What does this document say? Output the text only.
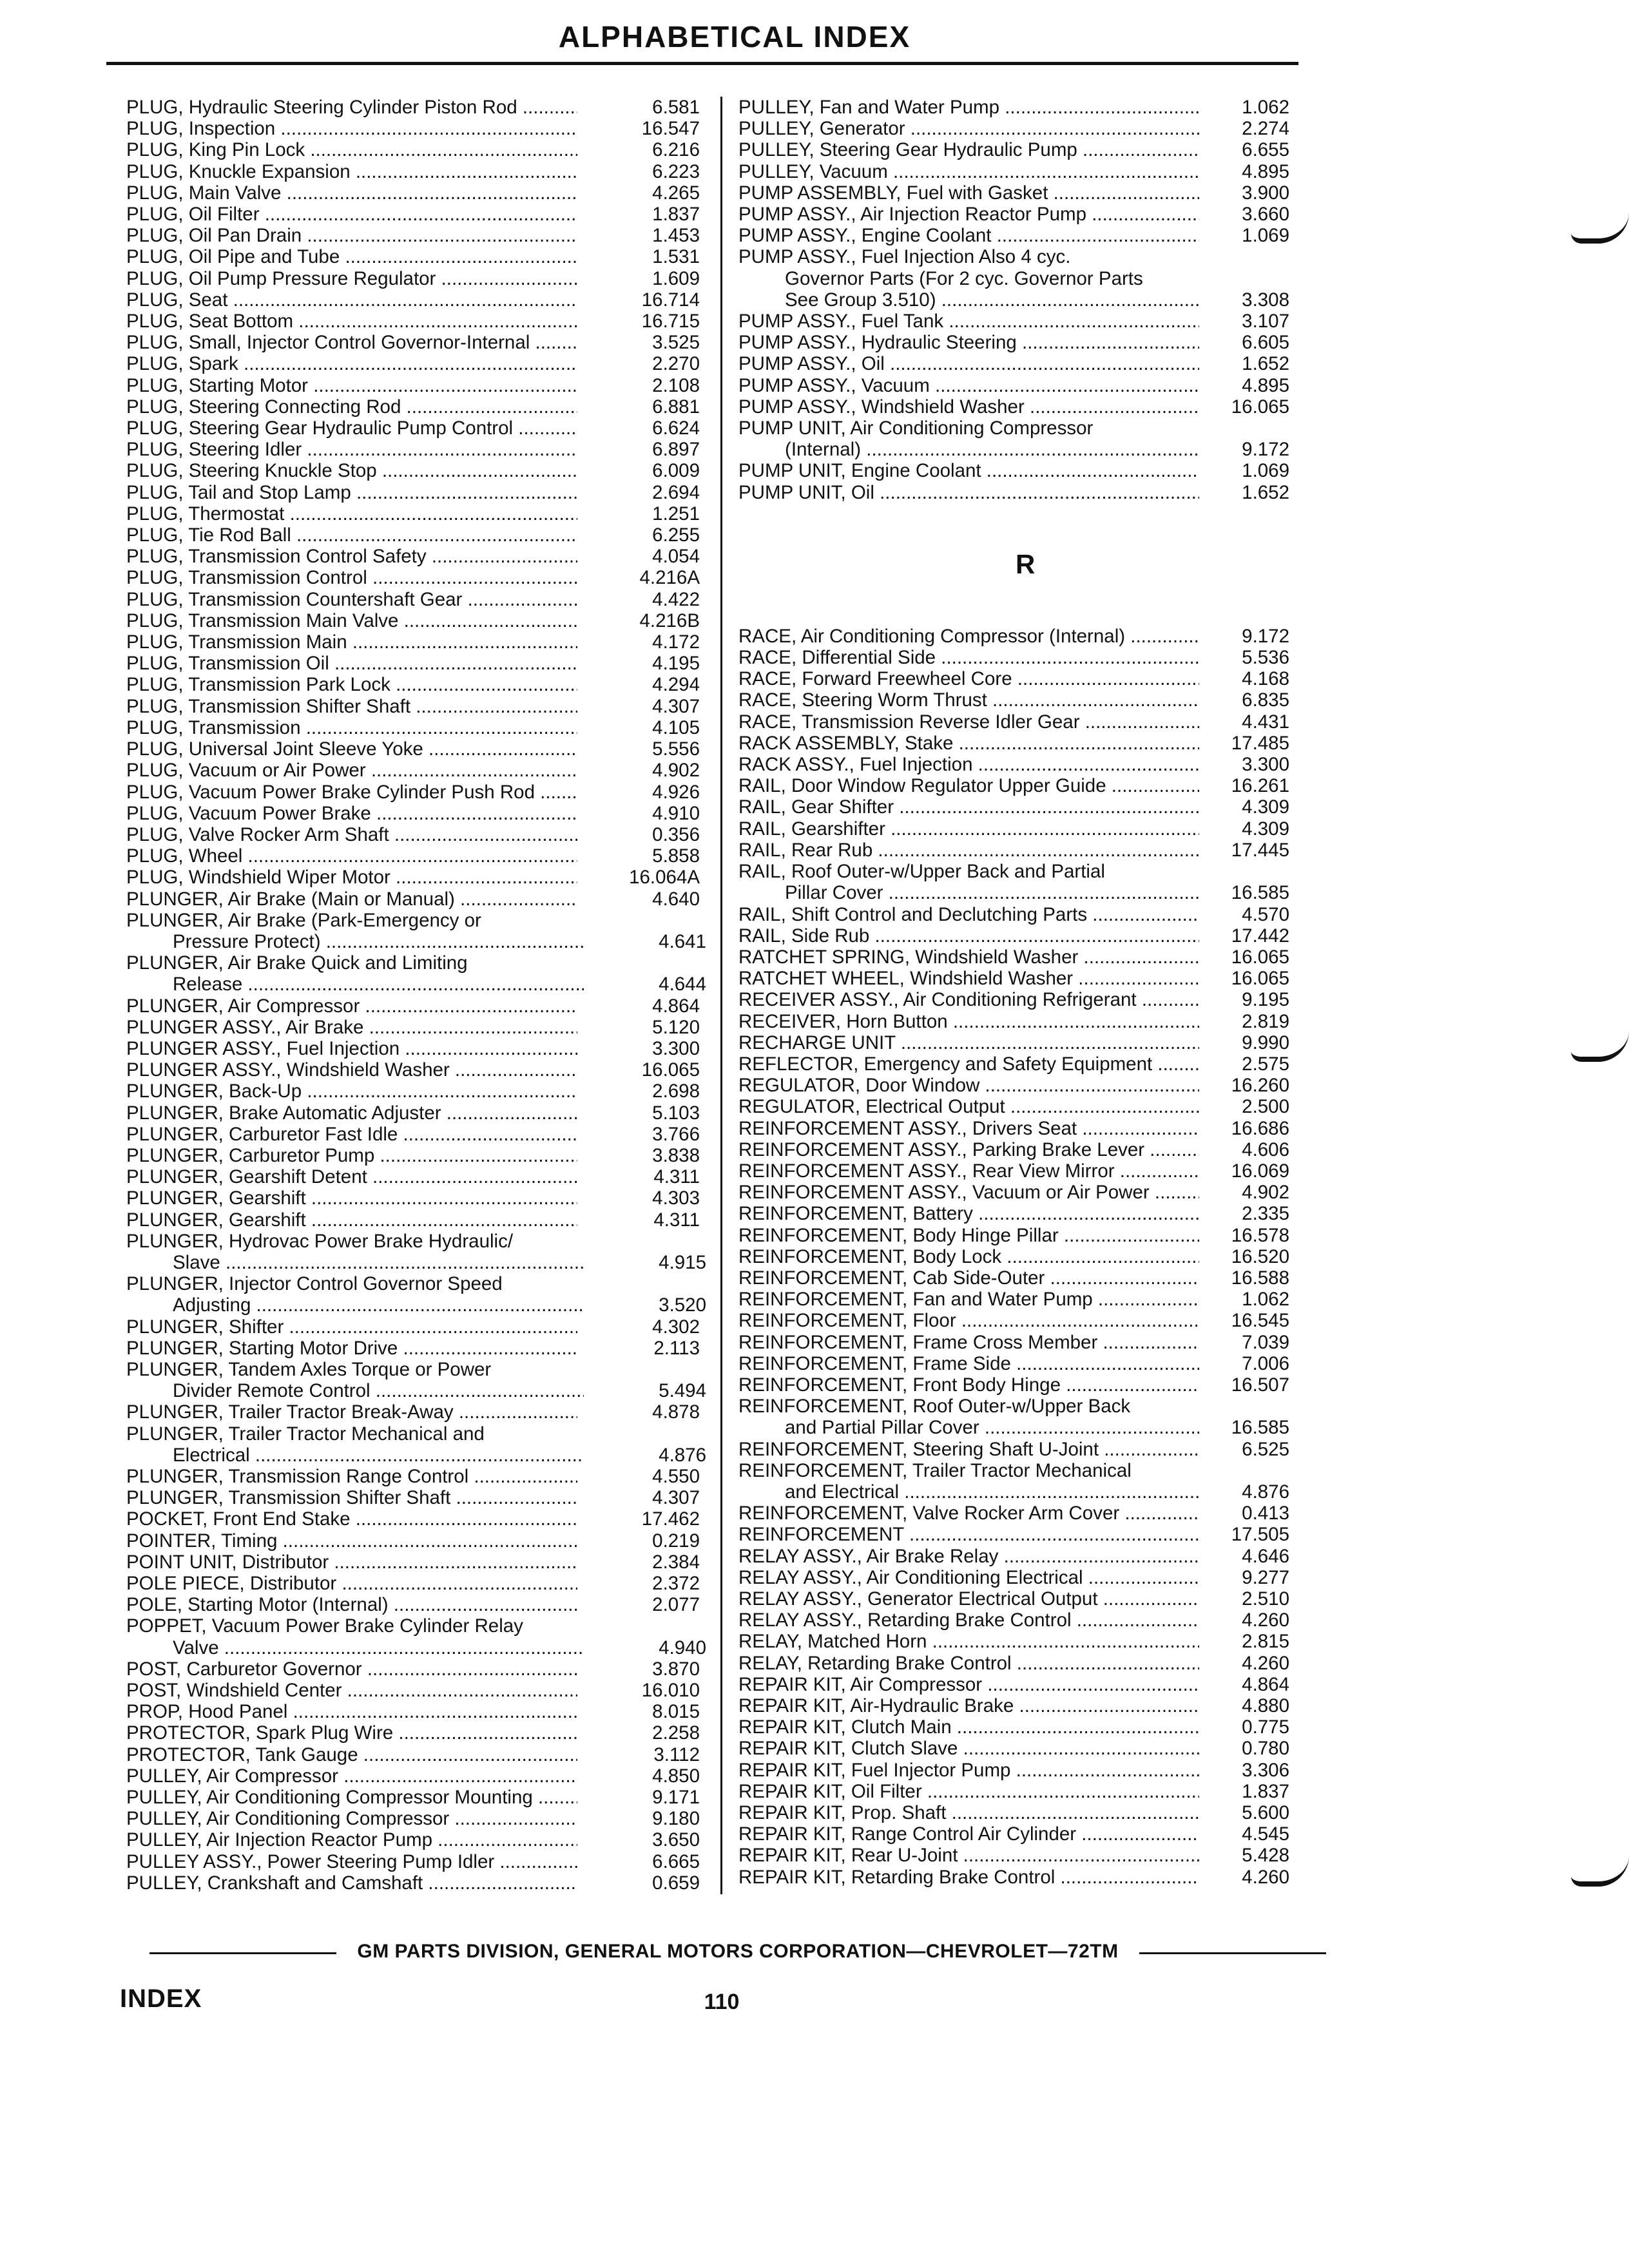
ALPHABETICAL INDEX
PLUG, Hydraulic Steering Cylinder Piston Rod .....	6.581
PLUG, Inspection .....	16.547
PLUG, King Pin Lock .....	6.216
PLUG, Knuckle Expansion .....	6.223
PLUG, Main Valve .....	4.265
PLUG, Oil Filter .....	1.837
PLUG, Oil Pan Drain .....	1.453
PLUG, Oil Pipe and Tube .....	1.531
PLUG, Oil Pump Pressure Regulator .....	1.609
PLUG, Seat .....	16.714
PLUG, Seat Bottom .....	16.715
PLUG, Small, Injector Control Governor-Internal .....	3.525
PLUG, Spark .....	2.270
PLUG, Starting Motor .....	2.108
PLUG, Steering Connecting Rod .....	6.881
PLUG, Steering Gear Hydraulic Pump Control .....	6.624
PLUG, Steering Idler .....	6.897
PLUG, Steering Knuckle Stop .....	6.009
PLUG, Tail and Stop Lamp .....	2.694
PLUG, Thermostat .....	1.251
PLUG, Tie Rod Ball .....	6.255
PLUG, Transmission Control Safety .....	4.054
PLUG, Transmission Control .....	4.216A
PLUG, Transmission Countershaft Gear .....	4.422
PLUG, Transmission Main Valve .....	4.216B
PLUG, Transmission Main .....	4.172
PLUG, Transmission Oil .....	4.195
PLUG, Transmission Park Lock .....	4.294
PLUG, Transmission Shifter Shaft .....	4.307
PLUG, Transmission .....	4.105
PLUG, Universal Joint Sleeve Yoke .....	5.556
PLUG, Vacuum or Air Power .....	4.902
PLUG, Vacuum Power Brake Cylinder Push Rod .....	4.926
PLUG, Vacuum Power Brake .....	4.910
PLUG, Valve Rocker Arm Shaft .....	0.356
PLUG, Wheel .....	5.858
PLUG, Windshield Wiper Motor .....	16.064A
PLUNGER, Air Brake (Main or Manual) .....	4.640
PLUNGER, Air Brake (Park-Emergency or
Pressure Protect) .....	4.641
PLUNGER, Air Brake Quick and Limiting
Release .....	4.644
PLUNGER, Air Compressor .....	4.864
PLUNGER ASSY., Air Brake .....	5.120
PLUNGER ASSY., Fuel Injection .....	3.300
PLUNGER ASSY., Windshield Washer .....	16.065
PLUNGER, Back-Up .....	2.698
PLUNGER, Brake Automatic Adjuster .....	5.103
PLUNGER, Carburetor Fast Idle .....	3.766
PLUNGER, Carburetor Pump .....	3.838
PLUNGER, Gearshift Detent .....	4.311
PLUNGER, Gearshift .....	4.303
PLUNGER, Gearshift .....	4.311
PLUNGER, Hydrovac Power Brake Hydraulic/
Slave .....	4.915
PLUNGER, Injector Control Governor Speed
Adjusting .....	3.520
PLUNGER, Shifter .....	4.302
PLUNGER, Starting Motor Drive .....	2.113
PLUNGER, Tandem Axles Torque or Power
Divider Remote Control .....	5.494
PLUNGER, Trailer Tractor Break-Away .....	4.878
PLUNGER, Trailer Tractor Mechanical and
Electrical .....	4.876
PLUNGER, Transmission Range Control .....	4.550
PLUNGER, Transmission Shifter Shaft .....	4.307
POCKET, Front End Stake .....	17.462
POINTER, Timing .....	0.219
POINT UNIT, Distributor .....	2.384
POLE PIECE, Distributor .....	2.372
POLE, Starting Motor (Internal) .....	2.077
POPPET, Vacuum Power Brake Cylinder Relay
Valve .....	4.940
POST, Carburetor Governor .....	3.870
POST, Windshield Center .....	16.010
PROP, Hood Panel .....	8.015
PROTECTOR, Spark Plug Wire .....	2.258
PROTECTOR, Tank Gauge .....	3.112
PULLEY, Air Compressor .....	4.850
PULLEY, Air Conditioning Compressor Mounting .....	9.171
PULLEY, Air Conditioning Compressor .....	9.180
PULLEY, Air Injection Reactor Pump .....	3.650
PULLEY ASSY., Power Steering Pump Idler .....	6.665
PULLEY, Crankshaft and Camshaft .....	0.659
PULLEY, Fan and Water Pump .....	1.062
PULLEY, Generator .....	2.274
PULLEY, Steering Gear Hydraulic Pump .....	6.655
PULLEY, Vacuum .....	4.895
PUMP ASSEMBLY, Fuel with Gasket .....	3.900
PUMP ASSY., Air Injection Reactor Pump .....	3.660
PUMP ASSY., Engine Coolant .....	1.069
PUMP ASSY., Fuel Injection Also 4 cyc.
Governor Parts (For 2 cyc. Governor Parts
See Group 3.510) .....	3.308
PUMP ASSY., Fuel Tank .....	3.107
PUMP ASSY., Hydraulic Steering .....	6.605
PUMP ASSY., Oil .....	1.652
PUMP ASSY., Vacuum .....	4.895
PUMP ASSY., Windshield Washer .....	16.065
PUMP UNIT, Air Conditioning Compressor
(Internal) .....	9.172
PUMP UNIT, Engine Coolant .....	1.069
PUMP UNIT, Oil .....	1.652
R
RACE, Air Conditioning Compressor (Internal) .....	9.172
RACE, Differential Side .....	5.536
RACE, Forward Freewheel Core .....	4.168
RACE, Steering Worm Thrust .....	6.835
RACE, Transmission Reverse Idler Gear .....	4.431
RACK ASSEMBLY, Stake .....	17.485
RACK ASSY., Fuel Injection .....	3.300
RAIL, Door Window Regulator Upper Guide .....	16.261
RAIL, Gear Shifter .....	4.309
RAIL, Gearshifter .....	4.309
RAIL, Rear Rub .....	17.445
RAIL, Roof Outer-w/Upper Back and Partial
Pillar Cover .....	16.585
RAIL, Shift Control and Declutching Parts .....	4.570
RAIL, Side Rub .....	17.442
RATCHET SPRING, Windshield Washer .....	16.065
RATCHET WHEEL, Windshield Washer .....	16.065
RECEIVER ASSY., Air Conditioning Refrigerant .....	9.195
RECEIVER, Horn Button .....	2.819
RECHARGE UNIT .....	9.990
REFLECTOR, Emergency and Safety Equipment .....	2.575
REGULATOR, Door Window .....	16.260
REGULATOR, Electrical Output .....	2.500
REINFORCEMENT ASSY., Drivers Seat .....	16.686
REINFORCEMENT ASSY., Parking Brake Lever .....	4.606
REINFORCEMENT ASSY., Rear View Mirror .....	16.069
REINFORCEMENT ASSY., Vacuum or Air Power .....	4.902
REINFORCEMENT, Battery .....	2.335
REINFORCEMENT, Body Hinge Pillar .....	16.578
REINFORCEMENT, Body Lock .....	16.520
REINFORCEMENT, Cab Side-Outer .....	16.588
REINFORCEMENT, Fan and Water Pump .....	1.062
REINFORCEMENT, Floor .....	16.545
REINFORCEMENT, Frame Cross Member .....	7.039
REINFORCEMENT, Frame Side .....	7.006
REINFORCEMENT, Front Body Hinge .....	16.507
REINFORCEMENT, Roof Outer-w/Upper Back
and Partial Pillar Cover .....	16.585
REINFORCEMENT, Steering Shaft U-Joint .....	6.525
REINFORCEMENT, Trailer Tractor Mechanical
and Electrical .....	4.876
REINFORCEMENT, Valve Rocker Arm Cover .....	0.413
REINFORCEMENT .....	17.505
RELAY ASSY., Air Brake Relay .....	4.646
RELAY ASSY., Air Conditioning Electrical .....	9.277
RELAY ASSY., Generator Electrical Output .....	2.510
RELAY ASSY., Retarding Brake Control .....	4.260
RELAY, Matched Horn .....	2.815
RELAY, Retarding Brake Control .....	4.260
REPAIR KIT, Air Compressor .....	4.864
REPAIR KIT, Air-Hydraulic Brake .....	4.880
REPAIR KIT, Clutch Main .....	0.775
REPAIR KIT, Clutch Slave .....	0.780
REPAIR KIT, Fuel Injector Pump .....	3.306
REPAIR KIT, Oil Filter .....	1.837
REPAIR KIT, Prop. Shaft .....	5.600
REPAIR KIT, Range Control Air Cylinder .....	4.545
REPAIR KIT, Rear U-Joint .....	5.428
REPAIR KIT, Retarding Brake Control .....	4.260
GM PARTS DIVISION, GENERAL MOTORS CORPORATION—CHEVROLET—72TM
INDEX	110
